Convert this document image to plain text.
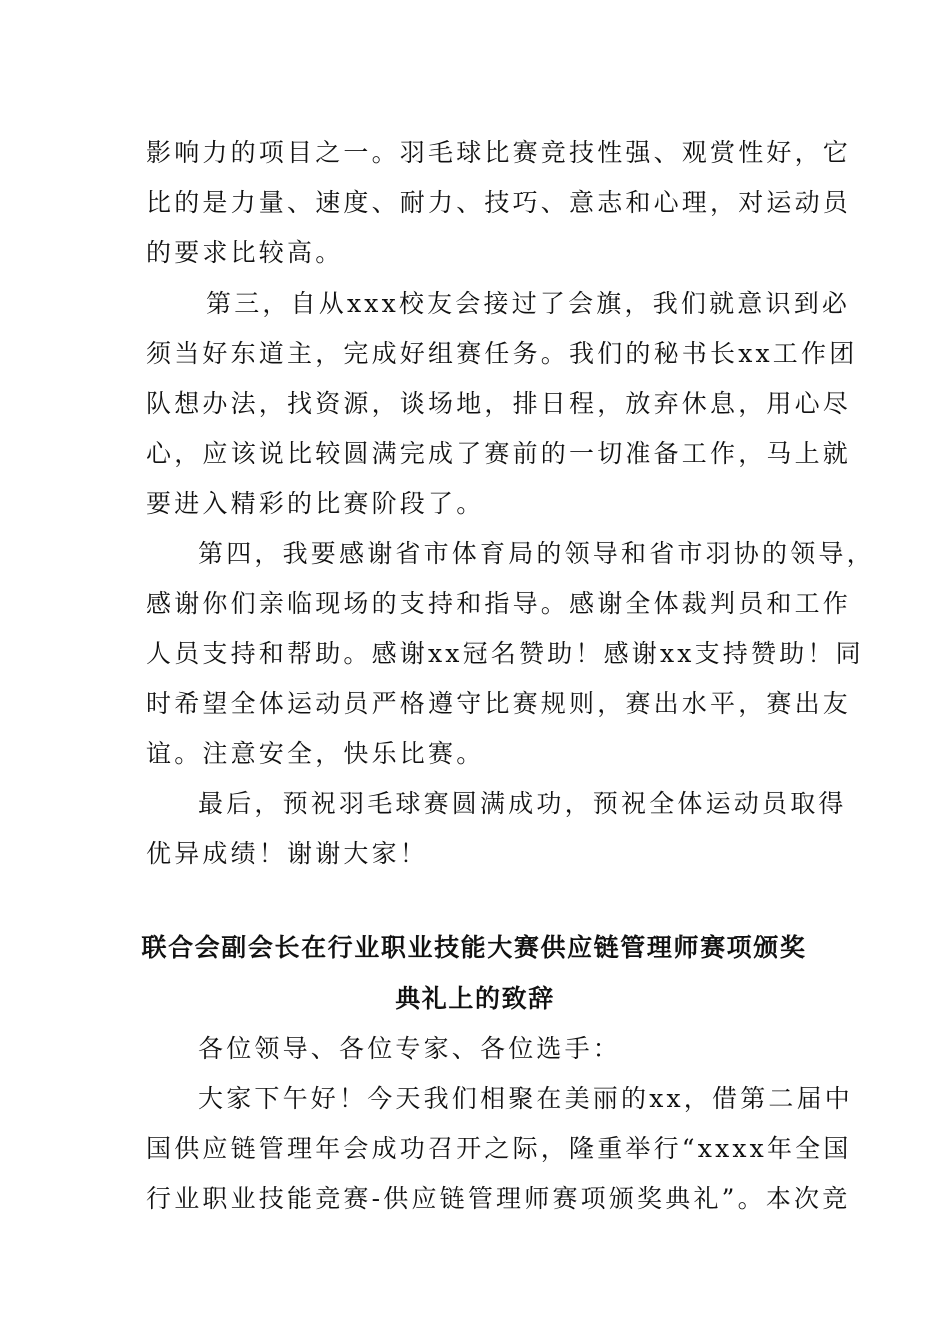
影响力的项目之一。羽毛球比赛竞技性强、观赏性好，它
比的是力量、速度、耐力、技巧、意志和心理，对运动员
的要求比较高。
第三，自从xxx校友会接过了会旗，我们就意识到必
须当好东道主，完成好组赛任务。我们的秘书长xx工作团
队想办法，找资源，谈场地，排日程，放弃休息，用心尽
心，应该说比较圆满完成了赛前的一切准备工作，马上就
要进入精彩的比赛阶段了。
第四，我要感谢省市体育局的领导和省市羽协的领导，
感谢你们亲临现场的支持和指导。感谢全体裁判员和工作
人员支持和帮助。感谢xx冠名赞助！感谢xx支持赞助！同
时希望全体运动员严格遵守比赛规则，赛出水平，赛出友
谊。注意安全，快乐比赛。
最后，预祝羽毛球赛圆满成功，预祝全体运动员取得
优异成绩！谢谢大家！
联合会副会长在行业职业技能大赛供应链管理师赛项颁奖
典礼上的致辞
各位领导、各位专家、各位选手：
大家下午好！今天我们相聚在美丽的xx，借第二届中
国供应链管理年会成功召开之际，隆重举行“xxxx年全国
行业职业技能竞赛-供应链管理师赛项颁奖典礼”。本次竞
